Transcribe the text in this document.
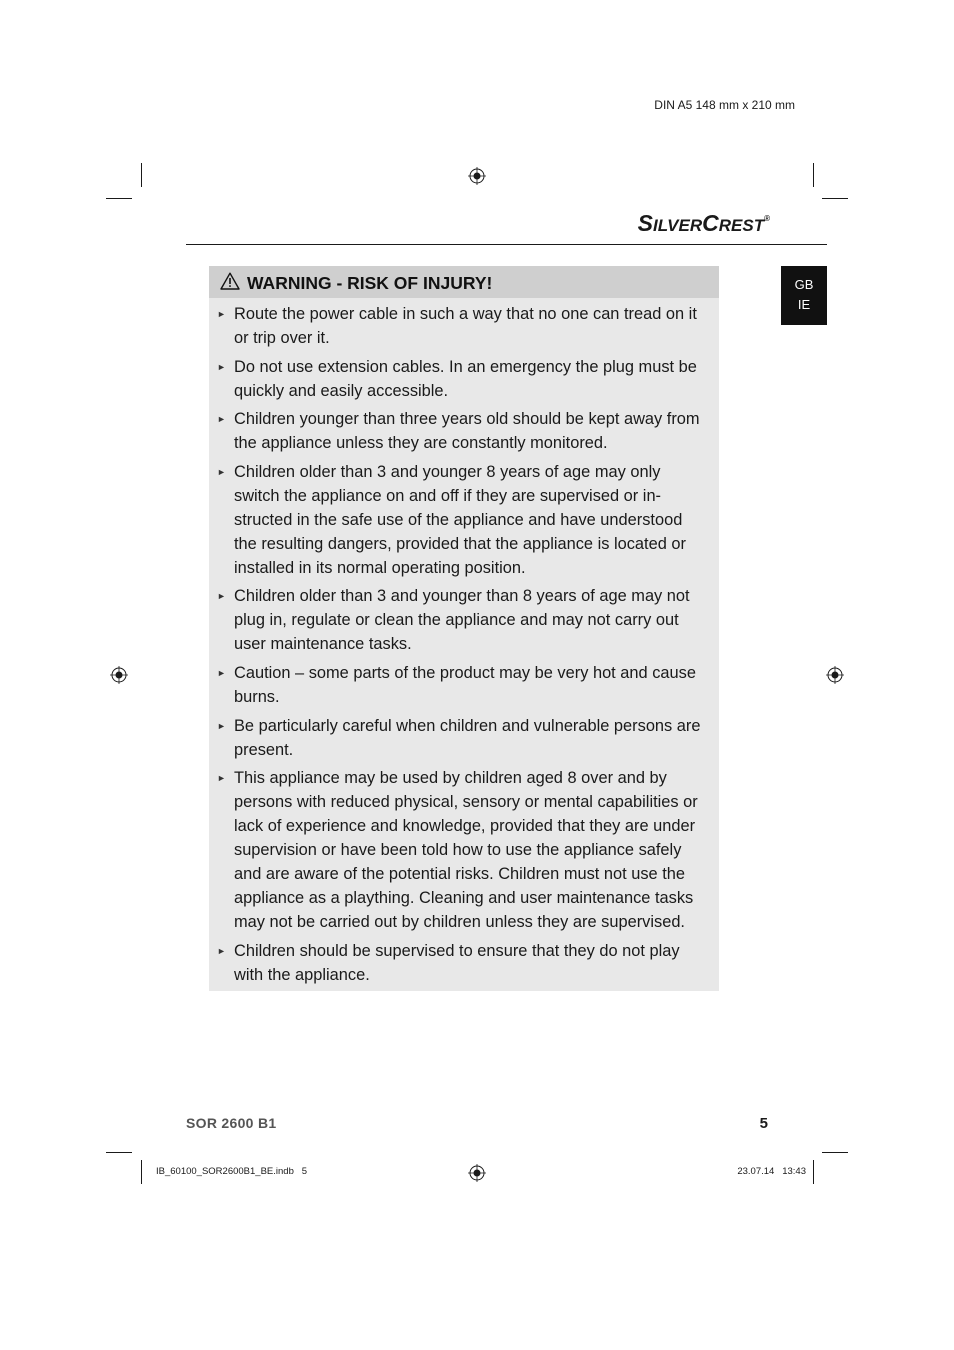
DIN A5 148 mm x 210 mm
SILVERCREST®
GB
IE
WARNING - RISK OF INJURY!
► Route the power cable in such a way that no one can tread on it or trip over it.
► Do not use extension cables. In an emergency the plug must be quickly and easily accessible.
► Children younger than three years old should be kept away from the appliance unless they are constantly monitored.
► Children older than 3 and younger 8 years of age may only switch the appliance on and off if they are supervised or in-structed in the safe use of the appliance and have understood the resulting dangers, provided that the appliance is located or installed in its normal operating position.
► Children older than 3 and younger than 8 years of age may not plug in, regulate or clean the appliance and may not carry out user maintenance tasks.
► Caution – some parts of the product may be very hot and cause burns.
► Be particularly careful when children and vulnerable persons are present.
► This appliance may be used by children aged 8 over and by persons with reduced physical, sensory or mental capabilities or lack of experience and knowledge, provided that they are under supervision or have been told how to use the appliance safely and are aware of the potential risks. Children must not use the appliance as a plaything. Cleaning and user maintenance tasks may not be carried out by children unless they are supervised.
► Children should be supervised to ensure that they do not play with the appliance.
SOR 2600 B1	5
IB_60100_SOR2600B1_BE.indb   5	23.07.14   13:43
